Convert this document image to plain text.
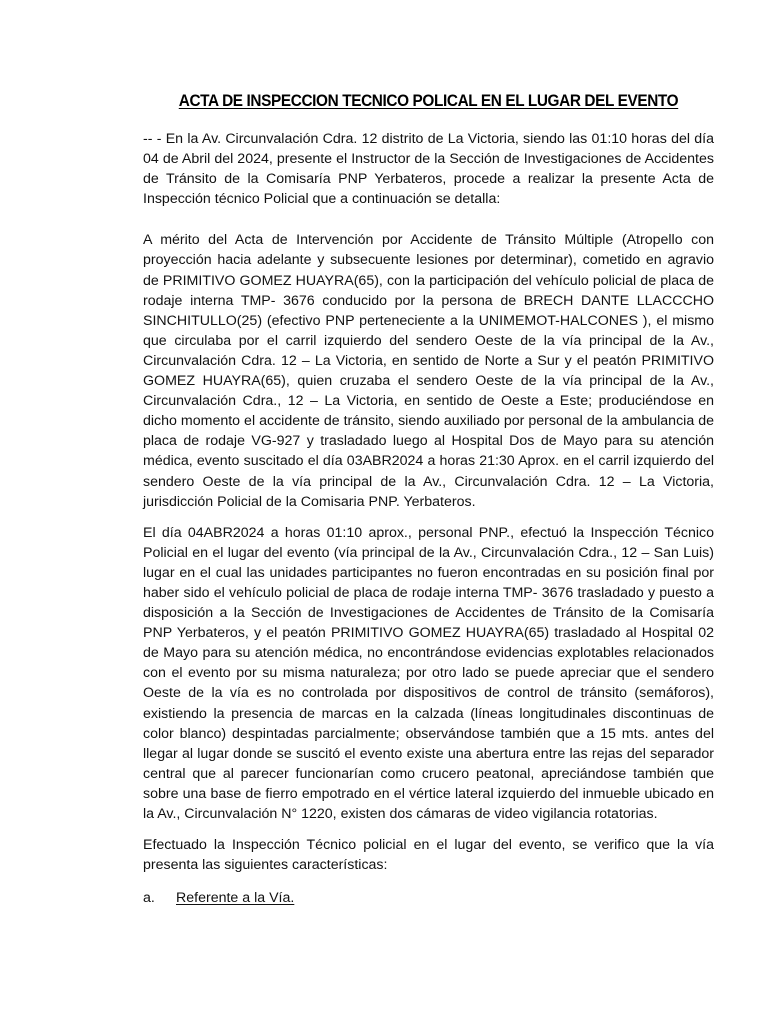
ACTA DE INSPECCION TECNICO POLICAL EN EL LUGAR DEL EVENTO

-- - En la Av. Circunvalación Cdra. 12 distrito de La Victoria, siendo las 01:10 horas del día 04 de Abril del 2024, presente el Instructor de la Sección de Investigaciones de Accidentes de Tránsito de la Comisaría PNP Yerbateros, procede a realizar la presente Acta de Inspección técnico Policial que a continuación se detalla:

A mérito del Acta de Intervención por Accidente de Tránsito Múltiple (Atropello con proyección hacia adelante y subsecuente lesiones por determinar), cometido en agravio de PRIMITIVO GOMEZ HUAYRA(65), con la participación del vehículo policial de placa de rodaje interna TMP- 3676 conducido por la persona de BRECH DANTE LLACCCHO SINCHITULLO(25) (efectivo PNP perteneciente a la UNIMEMOT-HALCONES ), el mismo que circulaba por el carril izquierdo del sendero Oeste de la vía principal de la Av., Circunvalación Cdra. 12 – La Victoria, en sentido de Norte a Sur y el peatón PRIMITIVO GOMEZ HUAYRA(65), quien cruzaba el sendero Oeste de la vía principal de la Av., Circunvalación Cdra., 12 – La Victoria, en sentido de Oeste a Este; produciéndose en dicho momento el accidente de tránsito, siendo auxiliado por personal de la ambulancia de placa de rodaje VG-927 y trasladado luego al Hospital Dos de Mayo para su atención médica, evento suscitado el día 03ABR2024 a horas 21:30 Aprox. en el carril izquierdo del sendero Oeste de la vía principal de la Av., Circunvalación Cdra. 12 – La Victoria, jurisdicción Policial de la Comisaria PNP. Yerbateros.

El día 04ABR2024 a horas 01:10 aprox., personal PNP., efectuó la Inspección Técnico Policial en el lugar del evento (vía principal de la Av., Circunvalación Cdra., 12 – San Luis) lugar en el cual las unidades participantes no fueron encontradas en su posición final por haber sido el vehículo policial de placa de rodaje interna TMP- 3676 trasladado y puesto a disposición a la Sección de Investigaciones de Accidentes de Tránsito de la Comisaría PNP Yerbateros, y el peatón PRIMITIVO GOMEZ HUAYRA(65) trasladado al Hospital 02 de Mayo para su atención médica, no encontrándose evidencias explotables relacionados con el evento por su misma naturaleza; por otro lado se puede apreciar que el sendero Oeste de la vía es no controlada por dispositivos de control de tránsito (semáforos), existiendo la presencia de marcas en la calzada (líneas longitudinales discontinuas de color blanco) despintadas parcialmente; observándose también que a 15 mts. antes del llegar al lugar donde se suscitó el evento existe una abertura entre las rejas del separador central que al parecer funcionarían como crucero peatonal, apreciándose también que sobre una base de fierro empotrado en el vértice lateral izquierdo del inmueble ubicado en la Av., Circunvalación N° 1220, existen dos cámaras de video vigilancia rotatorias.

Efectuado la Inspección Técnico policial en el lugar del evento, se verifico que la vía presenta las siguientes características:

a.	Referente a la Vía.
